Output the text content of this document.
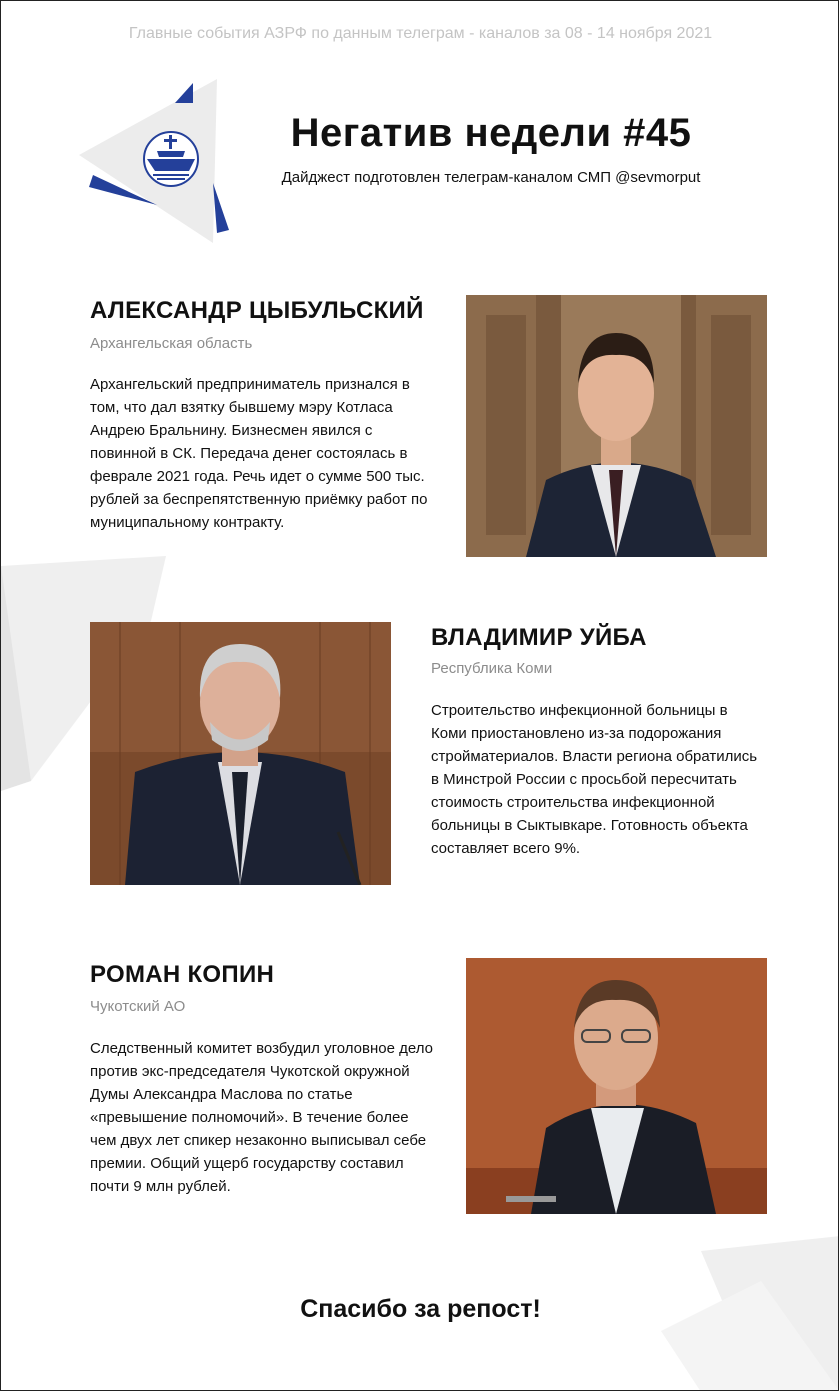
Главные события АЗРФ по данным телеграм - каналов за 08 - 14 ноября 2021
Негатив недели #45
Дайджест подготовлен телеграм-каналом СМП @sevmorput
АЛЕКСАНДР ЦЫБУЛЬСКИЙ
Архангельская область
Архангельский предприниматель признался в том, что дал взятку бывшему мэру Котласа Андрею Бральнину. Бизнесмен явился с повинной в СК. Передача денег состоялась в феврале 2021 года. Речь идет о сумме 500 тыс. рублей за беспрепятственную приёмку работ по муниципальному контракту.
ВЛАДИМИР УЙБА
Республика Коми
Строительство инфекционной больницы в Коми приостановлено из-за подорожания стройматериалов. Власти региона обратились в Минстрой России с просьбой пересчитать стоимость строительства инфекционной больницы в Сыктывкаре. Готовность объекта составляет всего 9%.
РОМАН КОПИН
Чукотский АО
Следственный комитет возбудил уголовное дело против экс-председателя Чукотской окружной Думы Александра Маслова по статье «превышение полномочий». В течение более чем двух лет спикер незаконно выписывал себе премии. Общий ущерб государству составил почти 9 млн рублей.
Спасибо за репост!
